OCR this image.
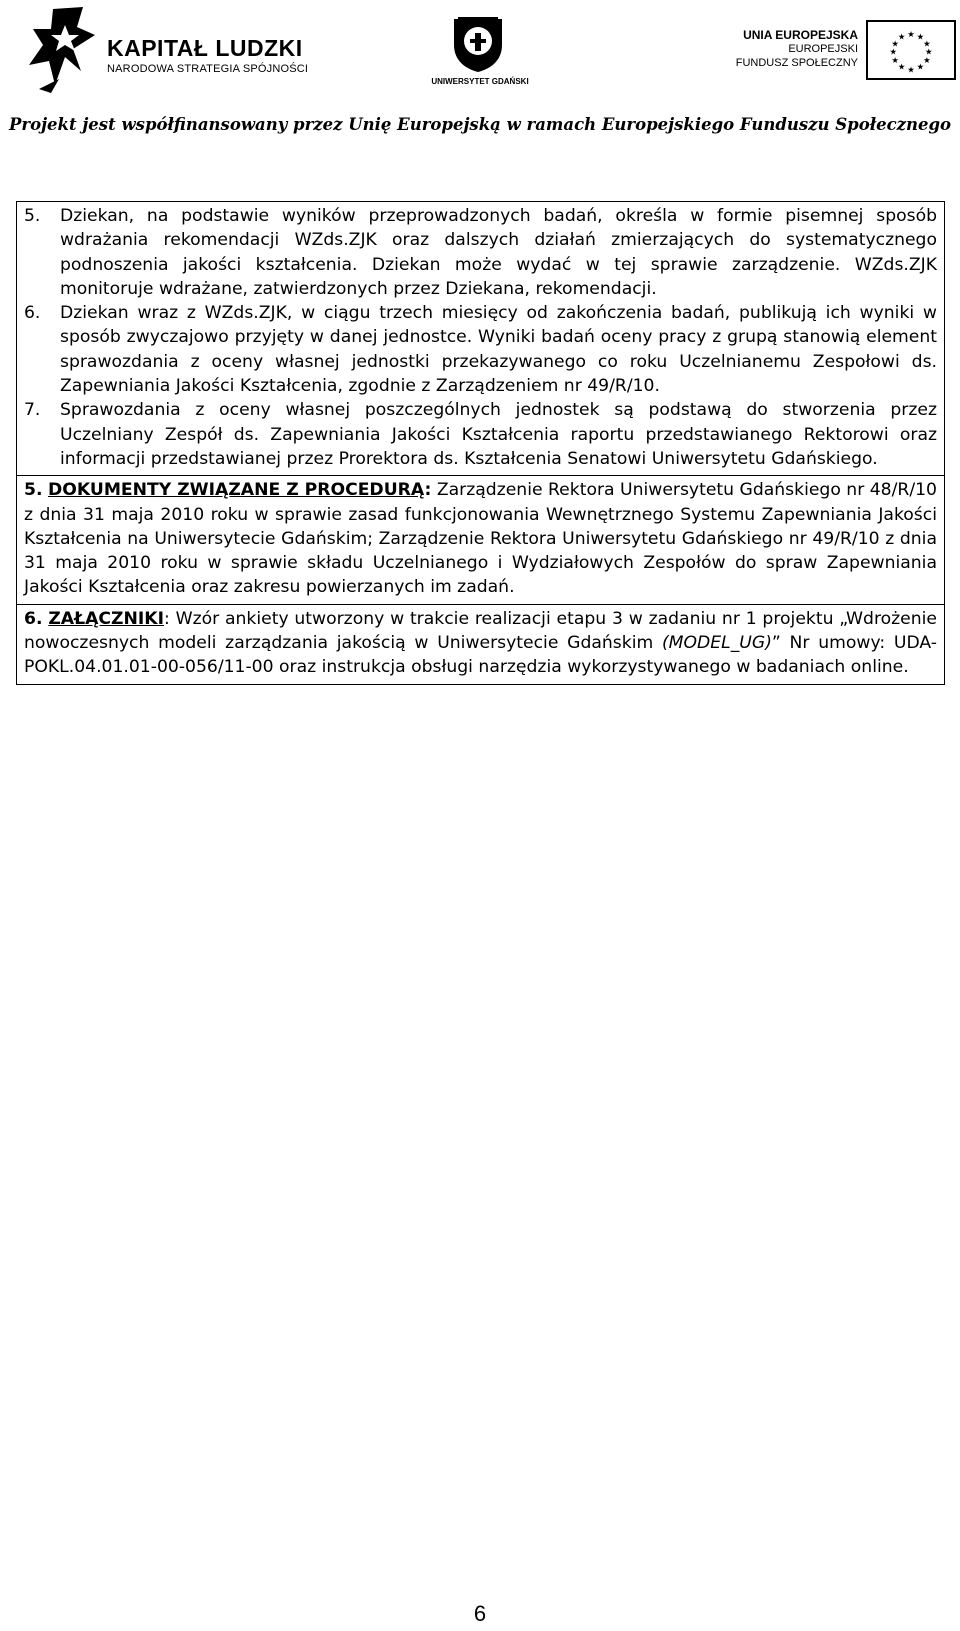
KAPITAŁ LUDZKI
NARODOWA STRATEGIA SPÓJNOŚCI
UNIWERSYTET GDAŃSKI
UNIA EUROPEJSKA
EUROPEJSKI
FUNDUSZ SPOŁECZNY
★ ★
★
★
★
★
★
★
★
★
★
★
Projekt jest współfinansowany przez Unię Europejską w ramach Europejskiego Funduszu Społecznego
5.	Dziekan, na podstawie wyników przeprowadzonych badań, określa w formie pisemnej sposób wdrażania rekomendacji WZds.ZJK oraz dalszych działań zmierzających do systematycznego podnoszenia jakości kształcenia. Dziekan może wydać w tej sprawie zarządzenie. WZds.ZJK monitoruje wdrażane, zatwierdzonych przez Dziekana, rekomendacji.
6.	Dziekan wraz z WZds.ZJK, w ciągu trzech miesięcy od zakończenia badań, publikują ich wyniki w sposób zwyczajowo przyjęty w danej jednostce. Wyniki badań oceny pracy z grupą stanowią element sprawozdania z oceny własnej jednostki przekazywanego co roku Uczelnianemu Zespołowi ds. Zapewniania Jakości Kształcenia, zgodnie z Zarządzeniem nr 49/R/10.
7.	Sprawozdania z oceny własnej poszczególnych jednostek są podstawą do stworzenia przez Uczelniany Zespół ds. Zapewniania Jakości Kształcenia raportu przedstawianego Rektorowi oraz informacji przedstawianej przez Prorektora ds. Kształcenia Senatowi Uniwersytetu Gdańskiego.

5. DOKUMENTY ZWIĄZANE Z PROCEDURĄ: Zarządzenie Rektora Uniwersytetu Gdańskiego nr 48/R/10 z dnia 31 maja 2010 roku w sprawie zasad funkcjonowania Wewnętrznego Systemu Zapewniania Jakości Kształcenia na Uniwersytecie Gdańskim; Zarządzenie Rektora Uniwersytetu Gdańskiego nr 49/R/10 z dnia 31 maja 2010 roku w sprawie składu Uczelnianego i Wydziałowych Zespołów do spraw Zapewniania Jakości Kształcenia oraz zakresu powierzanych im zadań.

6. ZAŁĄCZNIKI: Wzór ankiety utworzony w trakcie realizacji etapu 3 w zadaniu nr 1 projektu „Wdrożenie nowoczesnych modeli zarządzania jakością w Uniwersytecie Gdańskim (MODEL_UG)” Nr umowy: UDA-POKL.04.01.01-00-056/11-00 oraz instrukcja obsługi narzędzia wykorzystywanego w badaniach online.
6
